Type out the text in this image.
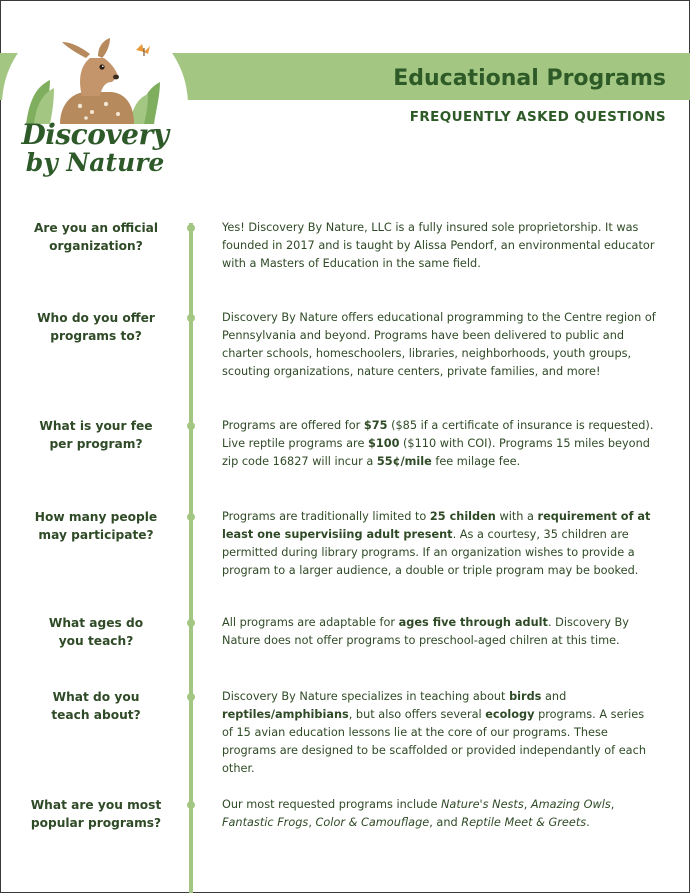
Discovery
by Nature
Educational Programs
FREQUENTLY ASKED QUESTIONS

Are you an official
organization?

Yes! Discovery By Nature, LLC is a fully insured sole proprietorship. It was founded in 2017 and is taught by Alissa Pendorf, an environmental educator with a Masters of Education in the same field.

Who do you offer
programs to?

Discovery By Nature offers educational programming to the Centre region of Pennsylvania and beyond. Programs have been delivered to public and charter schools, homeschoolers, libraries, neighborhoods, youth groups, scouting organizations, nature centers, private families, and more!

What is your fee
per program?

Programs are offered for $75 ($85 if a certificate of insurance is requested). Live reptile programs are $100 ($110 with COI). Programs 15 miles beyond zip code 16827 will incur a 55¢/mile fee milage fee.

How many people
may participate?

Programs are traditionally limited to 25 childen with a requirement of at least one supervisiing adult present. As a courtesy, 35 children are permitted during library programs. If an organization wishes to provide a program to a larger audience, a double or triple program may be booked.

What ages do
you teach?

All programs are adaptable for ages five through adult. Discovery By Nature does not offer programs to preschool-aged chilren at this time.

What do you
teach about?

Discovery By Nature specializes in teaching about birds and reptiles/amphibians, but also offers several ecology programs. A series of 15 avian education lessons lie at the core of our programs. These programs are designed to be scaffolded or provided independantly of each other.

What are you most
popular programs?

Our most requested programs include Nature's Nests, Amazing Owls, Fantastic Frogs, Color & Camouflage, and Reptile Meet & Greets.
